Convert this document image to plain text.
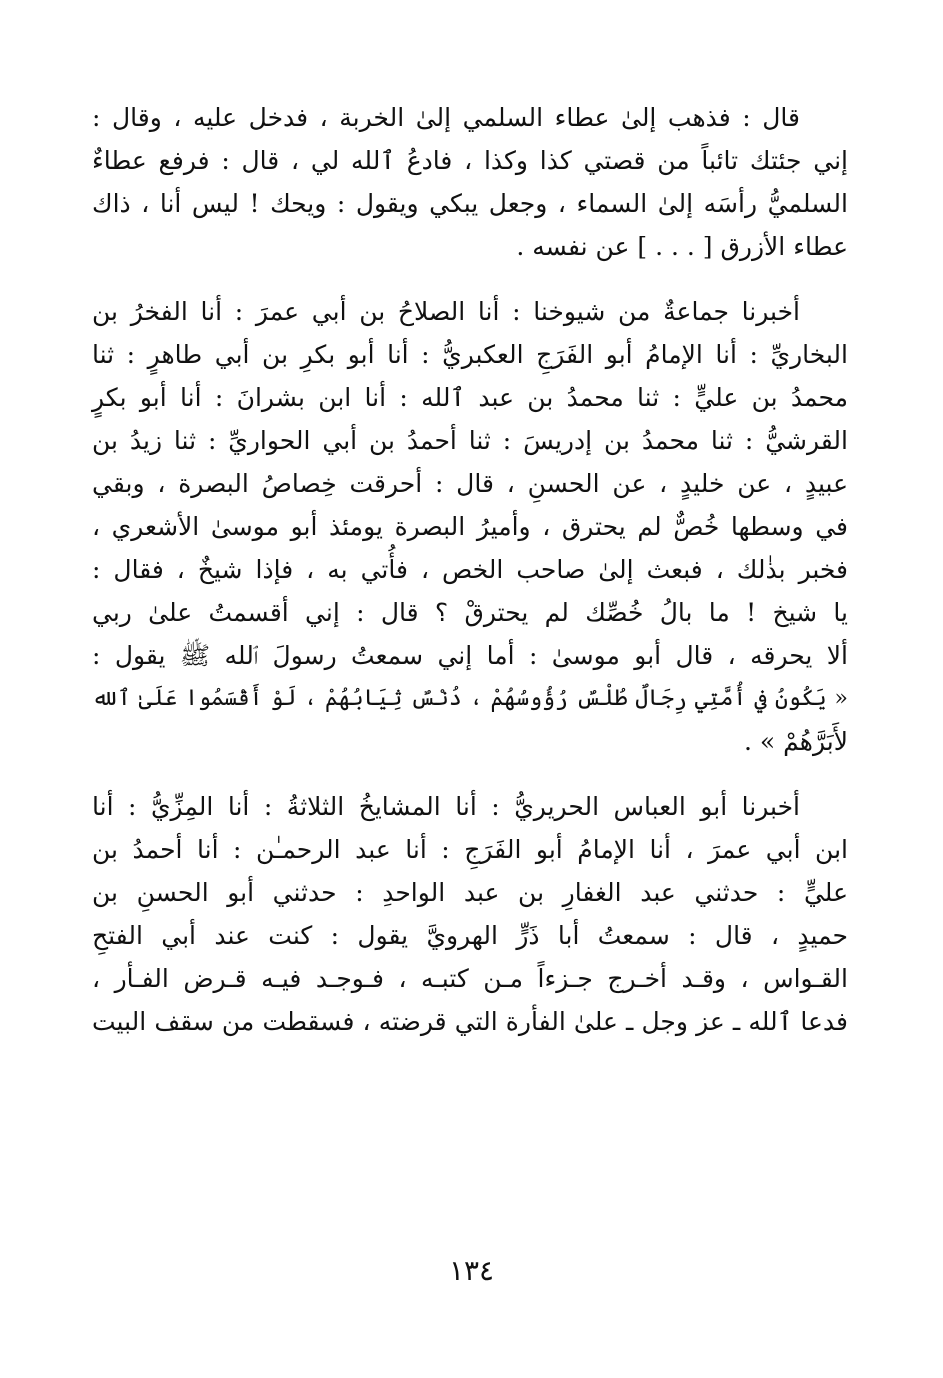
قال : فذهب إلىٰ عطاء السلمي إلىٰ الخربة ، فدخل عليه ، وقال :
إني جئتك تائباً من قصتي كذا وكذا ، فادعُ ٱلله لي ، قال : فرفع عطاءٌ
السلميُّ رأسَه إلىٰ السماء ، وجعل يبكي ويقول : ويحك ! ليس أنا ، ذاك
عطاء الأزرق [ . . . ] عن نفسه .
أخبرنا جماعةٌ من شيوخنا : أنا الصلاحُ بن أبي عمرَ : أنا الفخرُ بن
البخاريِّ : أنا الإمامُ أبو الفَرَجِ العكبريُّ : أنا أبو بكرِ بن أبي طاهرٍ : ثنا
محمدُ بن عليٍّ : ثنا محمدُ بن عبد ٱلله : أنا ابن بشرانَ : أنا أبو بكرٍ
القرشيُّ : ثنا محمدُ بن إدريسَ : ثنا أحمدُ بن أبي الحواريِّ : ثنا زيدُ بن
عبيدٍ ، عن خليدٍ ، عن الحسنِ ، قال : أحرقت خِصاصُ البصرة ، وبقي
في وسطها خُصٌّ لم يحترق ، وأميرُ البصرة يومئذ أبو موسىٰ الأشعري ،
فخبر بذٰلك ، فبعث إلىٰ صاحب الخص ، فأُتي به ، فإذا شيخٌ ، فقال :
يا شيخ ! ما بالُ خُصِّك لم يحترقْ ؟ قال : إني أقسمتُ علىٰ ربي
ألا يحرقه ، قال أبو موسىٰ : أما إني سمعتُ رسولَ ٱلله ﷺ يقول :
« يَكُونُ في أُمَّتِي رِجَالٌ طُلْسٌ رُؤُوسُهُمْ ، دُنْسٌ ثِيَابُهُمْ ، لَوْ أَقْسَمُوا عَلَىٰ ٱلله
لأَبَرَّهُمْ » .
أخبرنا أبو العباس الحريريُّ : أنا المشايخُ الثلاثةُ : أنا المِزِّيُّ : أنا
ابن أبي عمرَ ، أنا الإمامُ أبو الفَرَجِ : أنا عبد الرحمـٰن : أنا أحمدُ بن
عليٍّ : حدثني عبد الغفارِ بن عبد الواحدِ : حدثني أبو الحسنِ بن
حميدٍ ، قال : سمعتُ أبا ذَرٍّ الهرويَّ يقول : كنت عند أبي الفتحِ
القـواس ، وقـد أخـرج جـزءاً مـن كتبـه ، فـوجـد فيـه قـرض الفـأر ،
فدعا ٱلله ـ عز وجل ـ علىٰ الفأرة التي قرضته ، فسقطت من سقف البيت
١٣٤
